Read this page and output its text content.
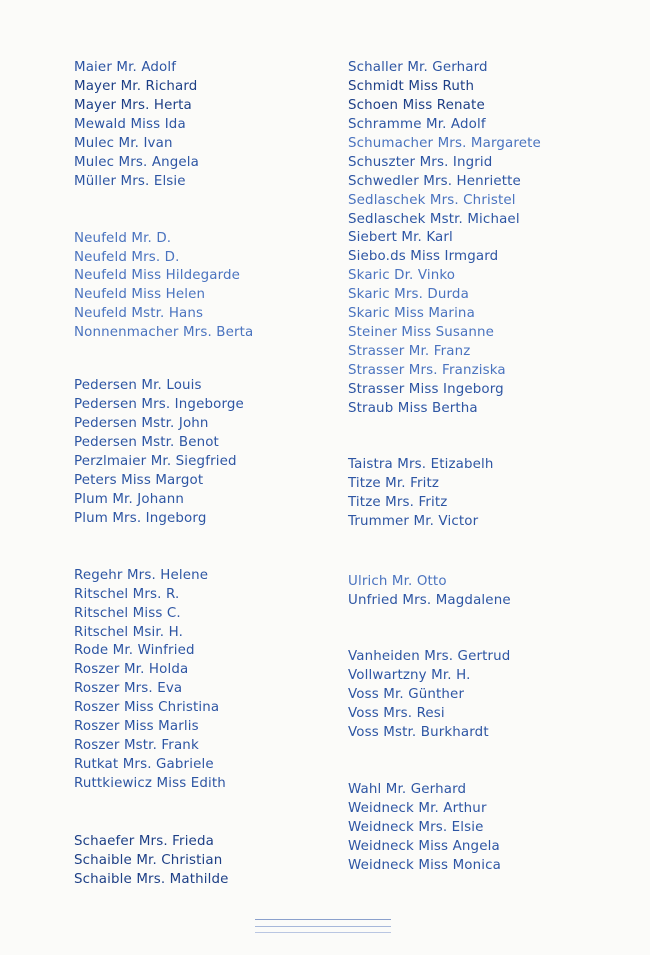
Maier Mr. Adolf
Mayer Mr. Richard
Mayer Mrs. Herta
Mewald Miss Ida
Mulec Mr. Ivan
Mulec Mrs. Angela
Müller Mrs. Elsie
Neufeld Mr. D.
Neufeld Mrs. D.
Neufeld Miss Hildegarde
Neufeld Miss Helen
Neufeld Mstr. Hans
Nonnenmacher Mrs. Berta
Pedersen Mr. Louis
Pedersen Mrs. Ingeborge
Pedersen Mstr. John
Pedersen Mstr. Benot
Perzlmaier Mr. Siegfried
Peters Miss Margot
Plum Mr. Johann
Plum Mrs. Ingeborg
Regehr Mrs. Helene
Ritschel Mrs. R.
Ritschel Miss C.
Ritschel Msir. H.
Rode Mr. Winfried
Roszer Mr. Holda
Roszer Mrs. Eva
Roszer Miss Christina
Roszer Miss Marlis
Roszer Mstr. Frank
Rutkat Mrs. Gabriele
Ruttkiewicz Miss Edith
Schaefer Mrs. Frieda
Schaible Mr. Christian
Schaible Mrs. Mathilde
Schaller Mr. Gerhard
Schmidt Miss Ruth
Schoen Miss Renate
Schramme Mr. Adolf
Schumacher Mrs. Margarete
Schuszter Mrs. Ingrid
Schwedler Mrs. Henriette
Sedlaschek Mrs. Christel
Sedlaschek Mstr. Michael
Siebert Mr. Karl
Siebo.ds Miss Irmgard
Skaric Dr. Vinko
Skaric Mrs. Durda
Skaric Miss Marina
Steiner Miss Susanne
Strasser Mr. Franz
Strasser Mrs. Franziska
Strasser Miss Ingeborg
Straub Miss Bertha
Taistra Mrs. Etizabelh
Titze Mr. Fritz
Titze Mrs. Fritz
Trummer Mr. Victor
Ulrich Mr. Otto
Unfried Mrs. Magdalene
Vanheiden Mrs. Gertrud
Vollwartzny Mr. H.
Voss Mr. Günther
Voss Mrs. Resi
Voss Mstr. Burkhardt
Wahl Mr. Gerhard
Weidneck Mr. Arthur
Weidneck Mrs. Elsie
Weidneck Miss Angela
Weidneck Miss Monica
